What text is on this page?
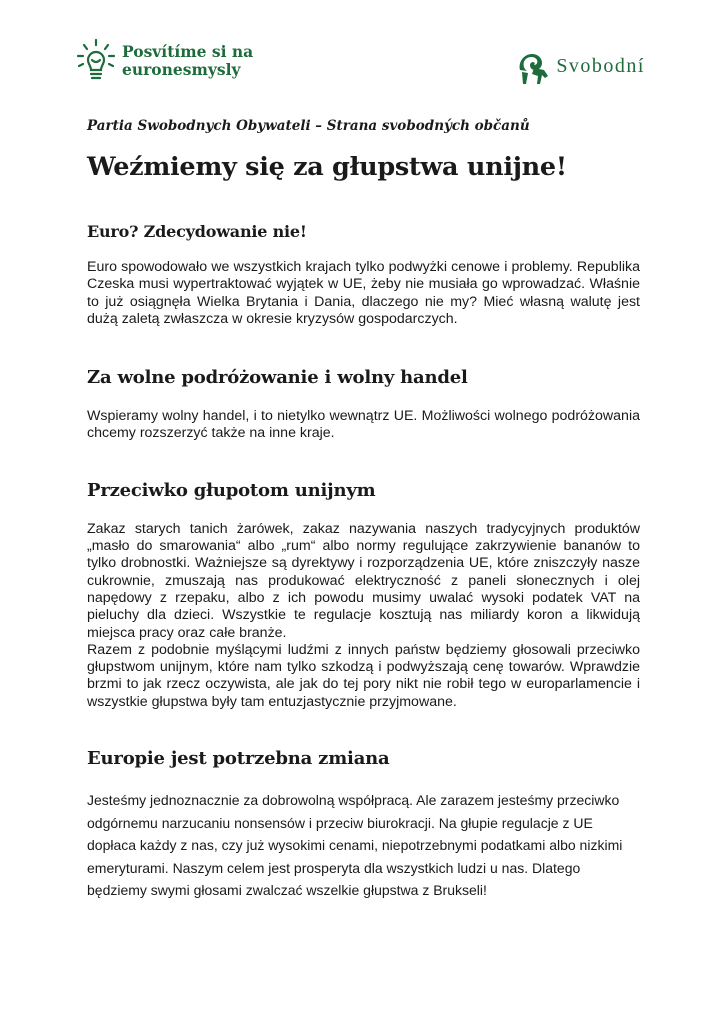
Posvítíme si na
euronesmysly	Svobodní
Partia Swobodnych Obywateli – Strana svobodných občanů
Weźmiemy się za głupstwa unijne!
Euro? Zdecydowanie nie!

Euro spowodowało we wszystkich krajach tylko podwyżki cenowe i problemy. Republika Czeska musi wypertraktować wyjątek w UE, żeby nie musiała go wprowadzać. Właśnie to już osiągnęła Wielka Brytania i Dania, dlaczego nie my? Mieć własną walutę jest dużą zaletą zwłaszcza w okresie kryzysów gospodarczych.

Za wolne podróżowanie i wolny handel

Wspieramy wolny handel, i to nietylko wewnątrz UE. Możliwości wolnego podróżowania chcemy rozszerzyć także na inne kraje.

Przeciwko głupotom unijnym

Zakaz starych tanich żarówek, zakaz nazywania naszych tradycyjnych produktów „masło do smarowania“ albo „rum“ albo normy regulujące zakrzywienie bananów to tylko drobnostki. Ważniejsze są dyrektywy i rozporządzenia UE, które zniszczyły nasze cukrownie, zmuszają nas produkować elektryczność z paneli słonecznych i olej napędowy z rzepaku, albo z ich powodu musimy uwalać wysoki podatek VAT na pieluchy dla dzieci. Wszystkie te regulacje kosztują nas miliardy koron a likwidują miejsca pracy oraz całe branże.

Razem z podobnie myślącymi ludźmi z innych państw będziemy głosowali przeciwko głupstwom unijnym, które nam tylko szkodzą i podwyższają cenę towarów. Wprawdzie brzmi to jak rzecz oczywista, ale jak do tej pory nikt nie robił tego w europarlamencie i wszystkie głupstwa były tam entuzjastycznie przyjmowane.

Europie jest potrzebna zmiana

Jesteśmy jednoznacznie za dobrowolną współpracą. Ale zarazem jesteśmy przeciwko odgórnemu narzucaniu nonsensów i przeciw biurokracji. Na głupie regulacje z UE dopłaca każdy z nas, czy już wysokimi cenami, niepotrzebnymi podatkami albo nizkimi emeryturami. Naszym celem jest prosperyta dla wszystkich ludzi u nas. Dlatego będziemy swymi głosami zwalczać wszelkie głupstwa z Brukseli!
